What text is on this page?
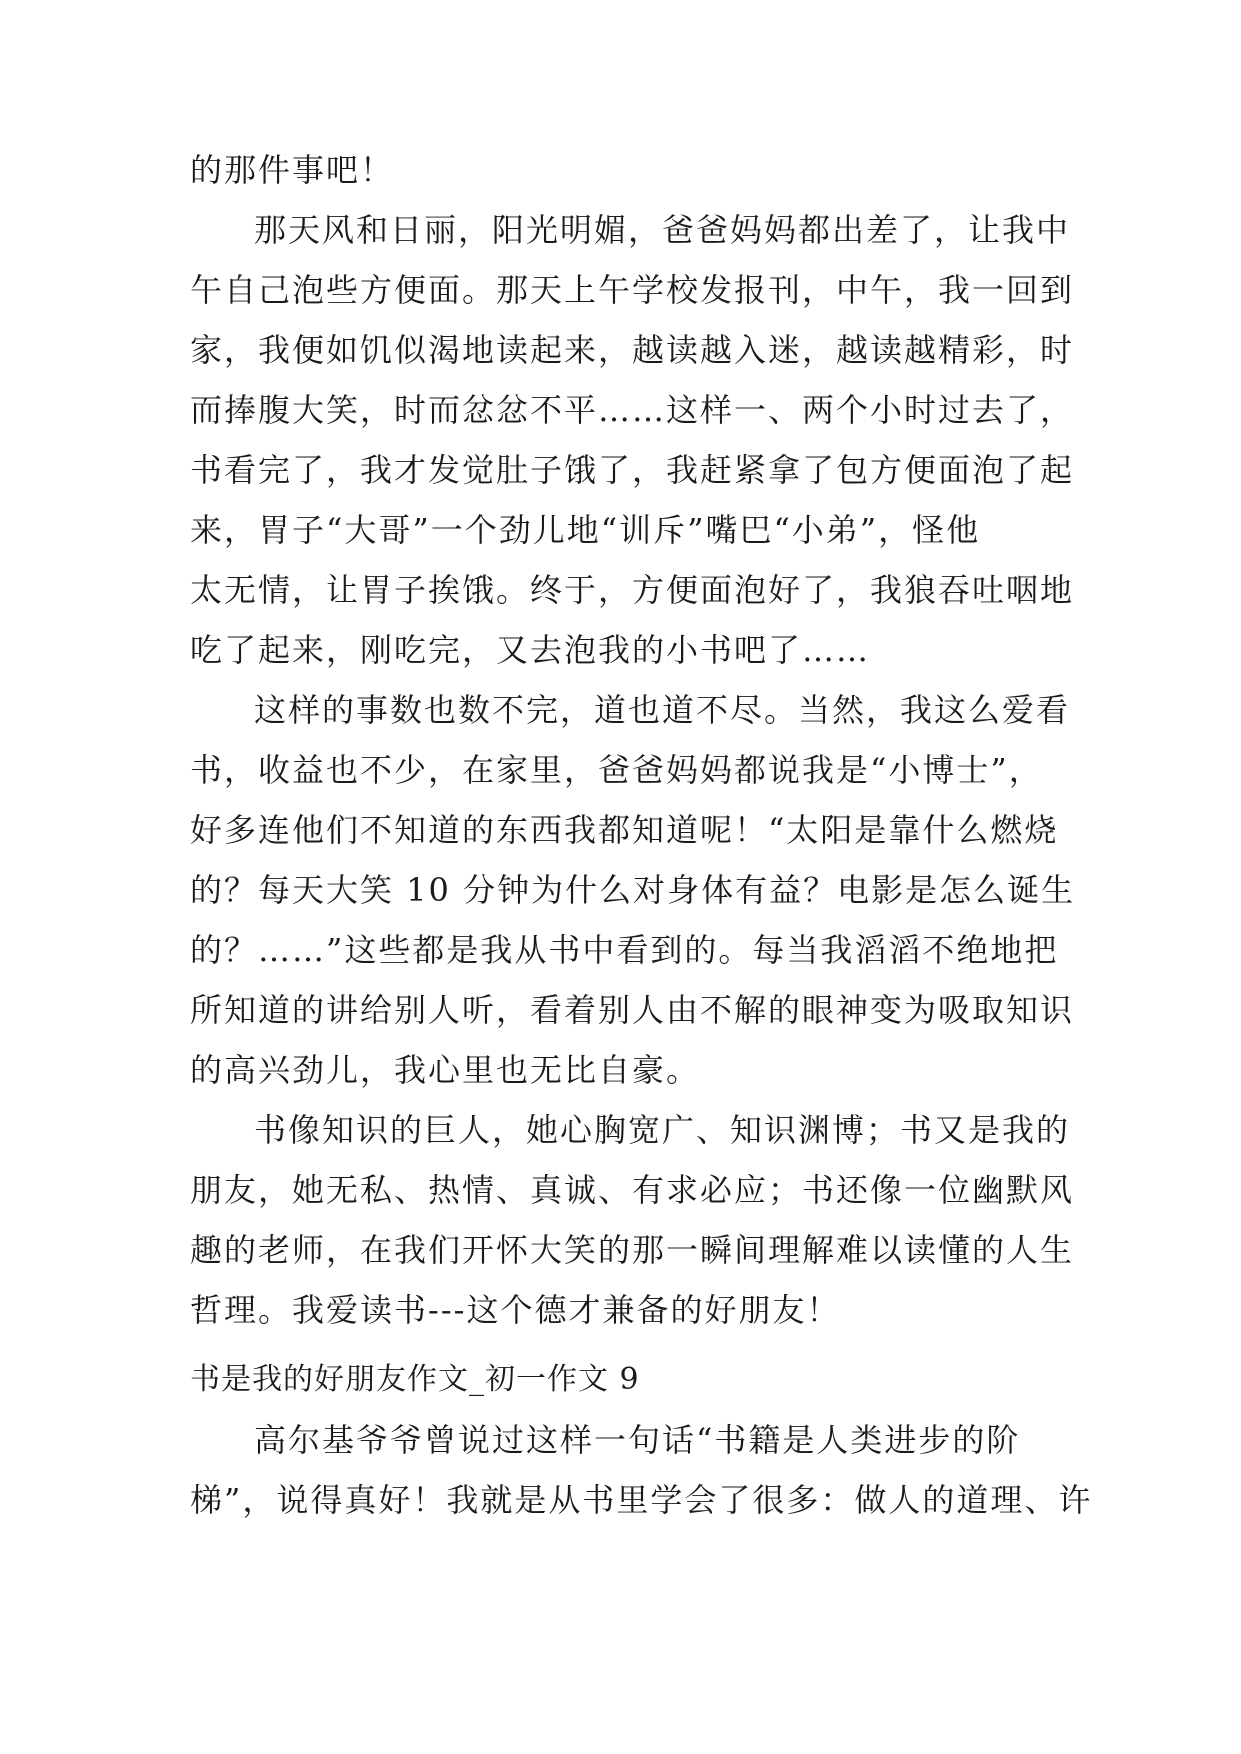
的那件事吧！
那天风和日丽，阳光明媚，爸爸妈妈都出差了，让我中
午自己泡些方便面。那天上午学校发报刊，中午，我一回到
家，我便如饥似渴地读起来，越读越入迷，越读越精彩，时
而捧腹大笑，时而忿忿不平……这样一、两个小时过去了，
书看完了，我才发觉肚子饿了，我赶紧拿了包方便面泡了起
来，胃子“大哥”一个劲儿地“训斥”嘴巴“小弟”，怪他
太无情，让胃子挨饿。终于，方便面泡好了，我狼吞吐咽地
吃了起来，刚吃完，又去泡我的小书吧了……
这样的事数也数不完，道也道不尽。当然，我这么爱看
书，收益也不少，在家里，爸爸妈妈都说我是“小博士”，
好多连他们不知道的东西我都知道呢！“太阳是靠什么燃烧
的？每天大笑 10 分钟为什么对身体有益？电影是怎么诞生
的？……”这些都是我从书中看到的。每当我滔滔不绝地把
所知道的讲给别人听，看着别人由不解的眼神变为吸取知识
的高兴劲儿，我心里也无比自豪。
书像知识的巨人，她心胸宽广、知识渊博；书又是我的
朋友，她无私、热情、真诚、有求必应；书还像一位幽默风
趣的老师，在我们开怀大笑的那一瞬间理解难以读懂的人生
哲理。我爱读书---这个德才兼备的好朋友！
书是我的好朋友作文_初一作文 9
高尔基爷爷曾说过这样一句话“书籍是人类进步的阶
梯”，说得真好！我就是从书里学会了很多：做人的道理、许
